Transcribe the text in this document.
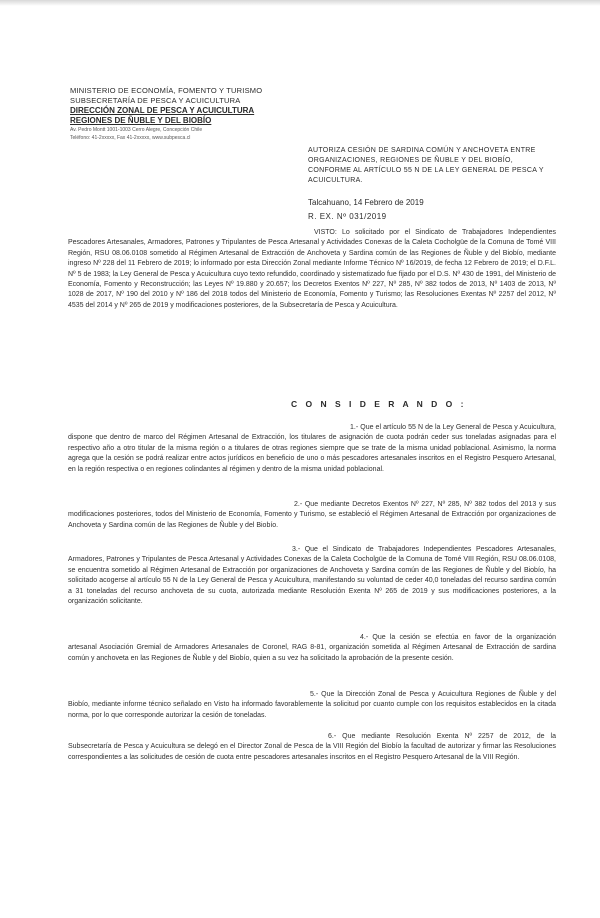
MINISTERIO DE ECONOMÍA, FOMENTO Y TURISMO
SUBSECRETARÍA DE PESCA Y ACUICULTURA
DIRECCIÓN ZONAL DE PESCA Y ACUICULTURA
REGIONES DE ÑUBLE Y DEL BIOBÍO
Av. Pedro Montt 1001-1003 Cerro Alegre, Concepción Chile
Teléfono: 41-2xxxxx, Fax 41-2xxxxx, www.subpesca.cl
AUTORIZA CESIÓN DE SARDINA COMÚN Y ANCHOVETA ENTRE ORGANIZACIONES, REGIONES DE ÑUBLE Y DEL BIOBÍO, CONFORME AL ARTÍCULO 55 N DE LA LEY GENERAL DE PESCA Y ACUICULTURA.
Talcahuano, 14 Febrero de 2019
R. EX. Nº 031/2019
VISTO: Lo solicitado por el Sindicato de Trabajadores Independientes Pescadores Artesanales, Armadores, Patrones y Tripulantes de Pesca Artesanal y Actividades Conexas de la Caleta Cocholgüe de la Comuna de Tomé VIII Región, RSU 08.06.0108 sometido al Régimen Artesanal de Extracción de Anchoveta y Sardina común de las Regiones de Ñuble y del Biobío, mediante ingreso Nº 228 del 11 Febrero de 2019; lo informado por esta Dirección Zonal mediante Informe Técnico Nº 16/2019, de fecha 12 Febrero de 2019; el D.F.L. Nº 5 de 1983; la Ley General de Pesca y Acuicultura cuyo texto refundido, coordinado y sistematizado fue fijado por el D.S. Nº 430 de 1991, del Ministerio de Economía, Fomento y Reconstrucción; las Leyes Nº 19.880 y 20.657; los Decretos Exentos Nº 227, Nº 285, Nº 382 todos de 2013, Nº 1403 de 2013, Nº 1028 de 2017, Nº 190 del 2010 y Nº 186 del 2018 todos del Ministerio de Economía, Fomento y Turismo; las Resoluciones Exentas Nº 2257 del 2012, Nº 4535 del 2014 y Nº 265 de 2019 y modificaciones posteriores, de la Subsecretaría de Pesca y Acuicultura.
C O N S I D E R A N D O :
1.- Que el artículo 55 N de la Ley General de Pesca y Acuicultura, dispone que dentro de marco del Régimen Artesanal de Extracción, los titulares de asignación de cuota podrán ceder sus toneladas asignadas para el respectivo año a otro titular de la misma región o a titulares de otras regiones siempre que se trate de la misma unidad poblacional. Asimismo, la norma agrega que la cesión se podrá realizar entre actos jurídicos en beneficio de uno o más pescadores artesanales inscritos en el Registro Pesquero Artesanal, en la región respectiva o en regiones colindantes al régimen y dentro de la misma unidad poblacional.
2.- Que mediante Decretos Exentos Nº 227, Nº 285, Nº 382 todos del 2013 y sus modificaciones posteriores, todos del Ministerio de Economía, Fomento y Turismo, se estableció el Régimen Artesanal de Extracción por organizaciones de Anchoveta y Sardina común de las Regiones de Ñuble y del Biobío.
3.- Que el Sindicato de Trabajadores Independientes Pescadores Artesanales, Armadores, Patrones y Tripulantes de Pesca Artesanal y Actividades Conexas de la Caleta Cocholgüe de la Comuna de Tomé VIII Región, RSU 08.06.0108, se encuentra sometido al Régimen Artesanal de Extracción por organizaciones de Anchoveta y Sardina común de las Regiones de Ñuble y del Biobío, ha solicitado acogerse al artículo 55 N de la Ley General de Pesca y Acuicultura, manifestando su voluntad de ceder 40,0 toneladas del recurso sardina común a 31 toneladas del recurso anchoveta de su cuota, autorizada mediante Resolución Exenta Nº 265 de 2019 y sus modificaciones posteriores, a la organización solicitante.
4.- Que la cesión se efectúa en favor de la organización artesanal Asociación Gremial de Armadores Artesanales de Coronel, RAG 8-81, organización sometida al Régimen Artesanal de Extracción de sardina común y anchoveta en las Regiones de Ñuble y del Biobío, quien a su vez ha solicitado la aprobación de la presente cesión.
5.- Que la Dirección Zonal de Pesca y Acuicultura Regiones de Ñuble y del Biobío, mediante informe técnico señalado en Visto ha informado favorablemente la solicitud por cuanto cumple con los requisitos establecidos en la citada norma, por lo que corresponde autorizar la cesión de toneladas.
6.- Que mediante Resolución Exenta Nº 2257 de 2012, de la Subsecretaría de Pesca y Acuicultura se delegó en el Director Zonal de Pesca de la VIII Región del Biobío la facultad de autorizar y firmar las Resoluciones correspondientes a las solicitudes de cesión de cuota entre pescadores artesanales inscritos en el Registro Pesquero Artesanal de la VIII Región.
